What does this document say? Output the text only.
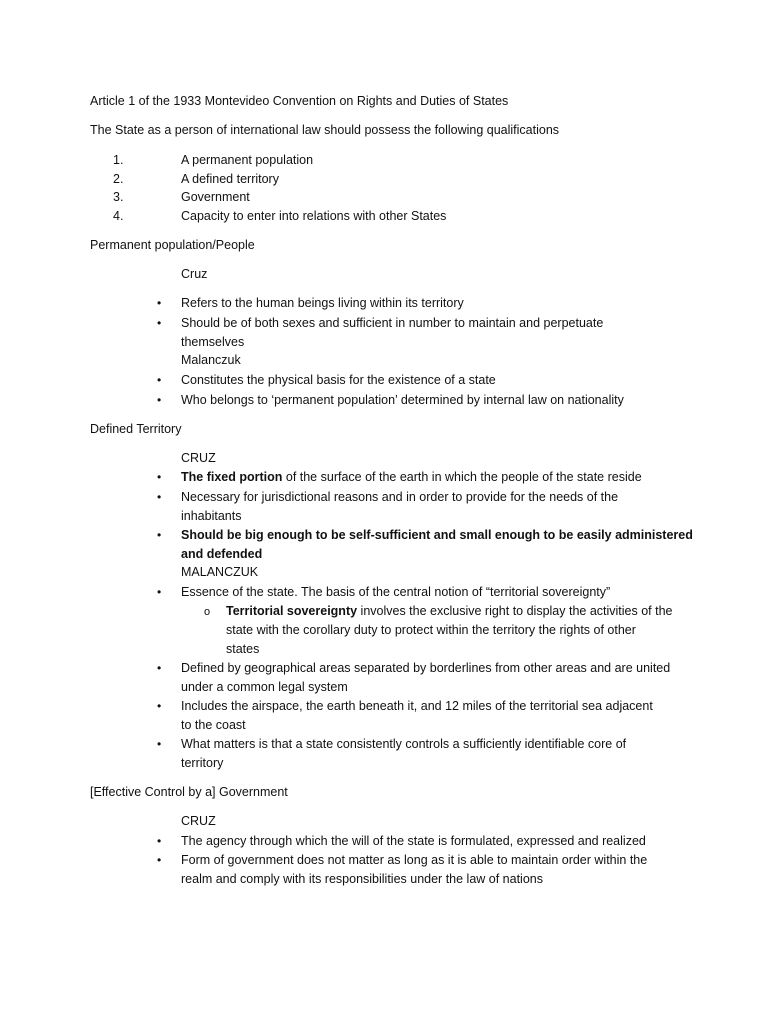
Article 1 of the 1933 Montevideo Convention on Rights and Duties of States
The State as a person of international law should possess the following qualifications
1.	A permanent population
2.	A defined territory
3.	Government
4.	Capacity to enter into relations with other States
Permanent population/People
Cruz
• Refers to the human beings living within its territory
• Should be of both sexes and sufficient in number to maintain and perpetuate
themselves
Malanczuk
• Constitutes the physical basis for the existence of a state
• Who belongs to ‘permanent population’ determined by internal law on nationality
Defined Territory
CRUZ
• The fixed portion of the surface of the earth in which the people of the state reside
• Necessary for jurisdictional reasons and in order to provide for the needs of the
inhabitants
• Should be big enough to be self-sufficient and small enough to be easily administered
and defended
MALANCZUK
• Essence of the state. The basis of the central notion of “territorial sovereignty”
o Territorial sovereignty involves the exclusive right to display the activities of the
state with the corollary duty to protect within the territory the rights of other
states
• Defined by geographical areas separated by borderlines from other areas and are united
under a common legal system
• Includes the airspace, the earth beneath it, and 12 miles of the territorial sea adjacent
to the coast
• What matters is that a state consistently controls a sufficiently identifiable core of
territory
[Effective Control by a] Government
CRUZ
• The agency through which the will of the state is formulated, expressed and realized
• Form of government does not matter as long as it is able to maintain order within the
realm and comply with its responsibilities under the law of nations
